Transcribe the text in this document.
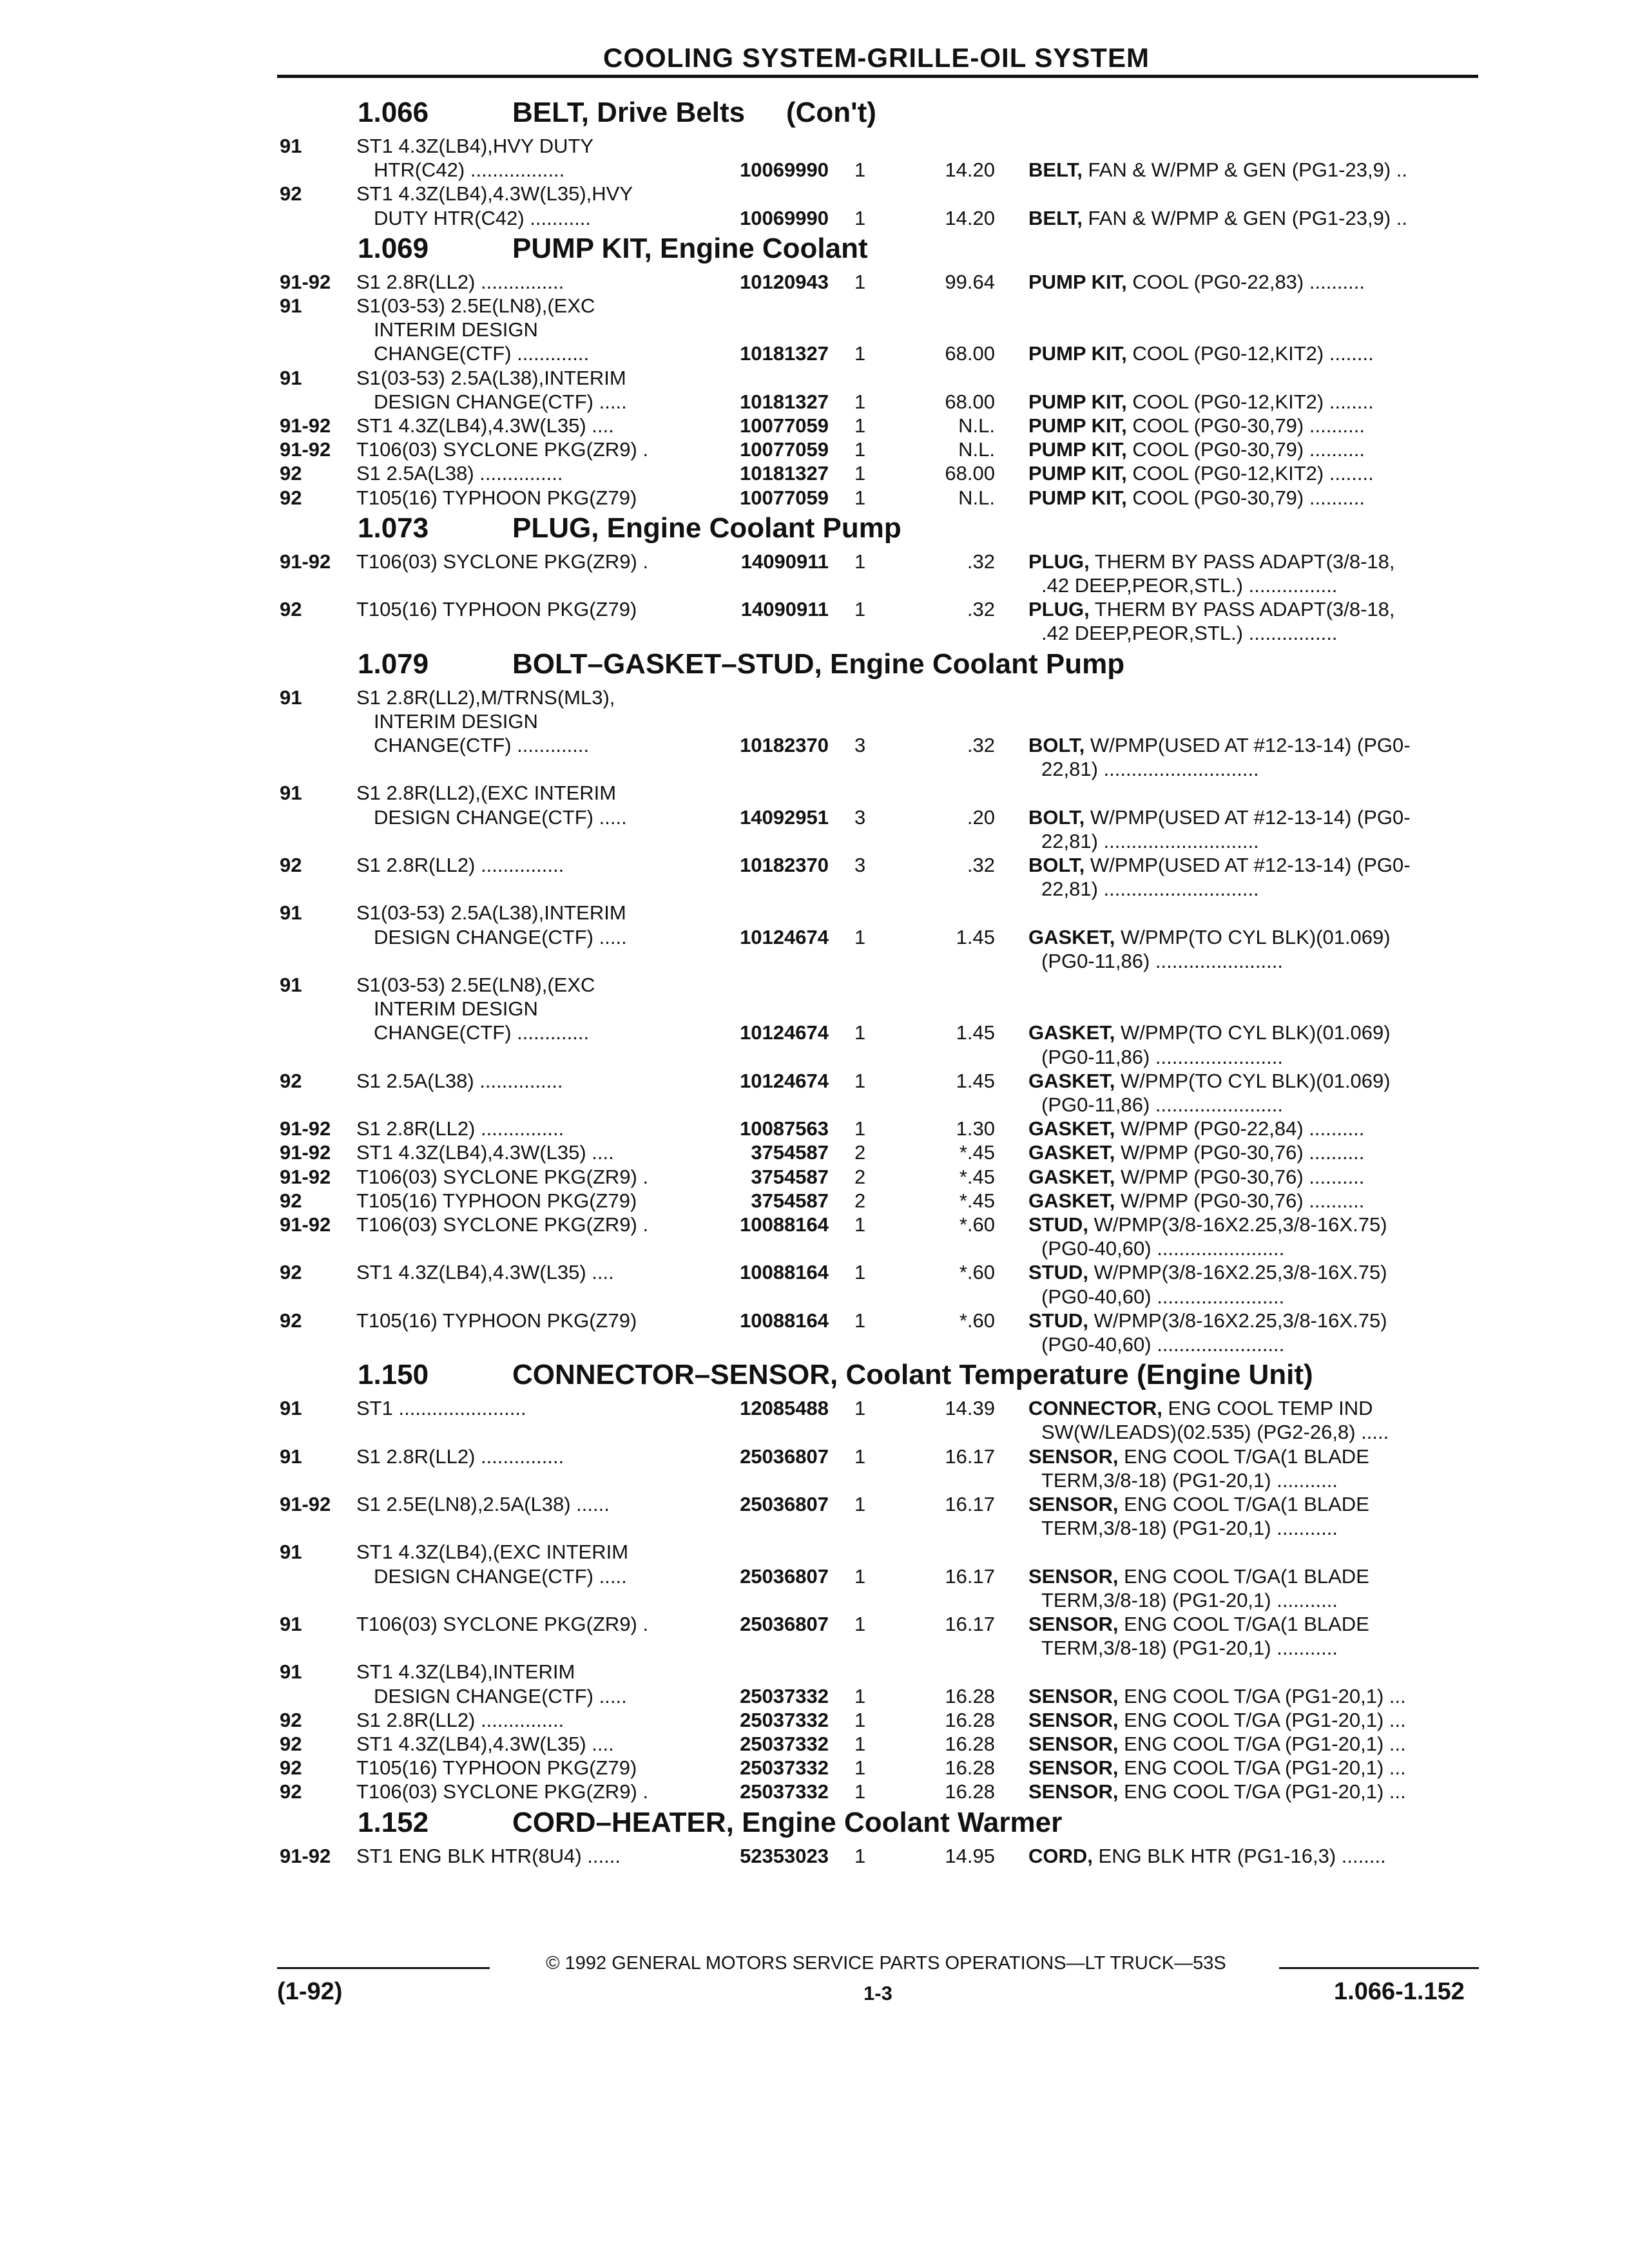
COOLING SYSTEM-GRILLE-OIL SYSTEM
1.066	BELT, Drive Belts (Con't)
91	ST1 4.3Z(LB4),HVY DUTY
HTR(C42) .................	10069990 1	14.20 BELT, FAN & W/PMP & GEN (PG1-23,9) ..
92	ST1 4.3Z(LB4),4.3W(L35),HVY
DUTY HTR(C42) ...........	10069990 1	14.20 BELT, FAN & W/PMP & GEN (PG1-23,9) ..
1.069	PUMP KIT, Engine Coolant
91-92 S1 2.8R(LL2) ...............	10120943 1	99.64 PUMP KIT, COOL (PG0-22,83) ..........
91	S1(03-53) 2.5E(LN8),(EXC
INTERIM DESIGN
CHANGE(CTF) .............	10181327 1	68.00 PUMP KIT, COOL (PG0-12,KIT2) ........
91	S1(03-53) 2.5A(L38),INTERIM
DESIGN CHANGE(CTF) .....	10181327 1	68.00 PUMP KIT, COOL (PG0-12,KIT2) ........
91-92 ST1 4.3Z(LB4),4.3W(L35) ....	10077059 1	N.L. PUMP KIT, COOL (PG0-30,79) ..........
91-92 T106(03) SYCLONE PKG(ZR9) .	10077059 1	N.L. PUMP KIT, COOL (PG0-30,79) ..........
92	S1 2.5A(L38) ...............	10181327 1	68.00 PUMP KIT, COOL (PG0-12,KIT2) ........
92	T105(16) TYPHOON PKG(Z79)	10077059 1	N.L. PUMP KIT, COOL (PG0-30,79) ..........
1.073	PLUG, Engine Coolant Pump
91-92 T106(03) SYCLONE PKG(ZR9) .	14090911 1	.32 PLUG, THERM BY PASS ADAPT(3/8-18,
.42 DEEP,PEOR,STL.) ................
92	T105(16) TYPHOON PKG(Z79)	14090911 1	.32 PLUG, THERM BY PASS ADAPT(3/8-18,
.42 DEEP,PEOR,STL.) ................
1.079	BOLT–GASKET–STUD, Engine Coolant Pump
91	S1 2.8R(LL2),M/TRNS(ML3),
INTERIM DESIGN
CHANGE(CTF) .............	10182370 3	.32 BOLT, W/PMP(USED AT #12-13-14) (PG0-
22,81) ............................
91	S1 2.8R(LL2),(EXC INTERIM
DESIGN CHANGE(CTF) .....	14092951 3	.20 BOLT, W/PMP(USED AT #12-13-14) (PG0-
22,81) ............................
92	S1 2.8R(LL2) ...............	10182370 3	.32 BOLT, W/PMP(USED AT #12-13-14) (PG0-
22,81) ............................
91	S1(03-53) 2.5A(L38),INTERIM
DESIGN CHANGE(CTF) .....	10124674 1	1.45 GASKET, W/PMP(TO CYL BLK)(01.069)
(PG0-11,86) .......................
91	S1(03-53) 2.5E(LN8),(EXC
INTERIM DESIGN
CHANGE(CTF) .............	10124674 1	1.45 GASKET, W/PMP(TO CYL BLK)(01.069)
(PG0-11,86) .......................
92	S1 2.5A(L38) ...............	10124674 1	1.45 GASKET, W/PMP(TO CYL BLK)(01.069)
(PG0-11,86) .......................
91-92 S1 2.8R(LL2) ...............	10087563 1	1.30 GASKET, W/PMP (PG0-22,84) ..........
91-92 ST1 4.3Z(LB4),4.3W(L35) ....	3754587 2	*.45 GASKET, W/PMP (PG0-30,76) ..........
91-92 T106(03) SYCLONE PKG(ZR9) .	3754587 2	*.45 GASKET, W/PMP (PG0-30,76) ..........
92	T105(16) TYPHOON PKG(Z79)	3754587 2	*.45 GASKET, W/PMP (PG0-30,76) ..........
91-92 T106(03) SYCLONE PKG(ZR9) .	10088164 1	*.60 STUD, W/PMP(3/8-16X2.25,3/8-16X.75)
(PG0-40,60) .......................
92	ST1 4.3Z(LB4),4.3W(L35) ....	10088164 1	*.60 STUD, W/PMP(3/8-16X2.25,3/8-16X.75)
(PG0-40,60) .......................
92	T105(16) TYPHOON PKG(Z79)	10088164 1	*.60 STUD, W/PMP(3/8-16X2.25,3/8-16X.75)
(PG0-40,60) .......................
1.150	CONNECTOR–SENSOR, Coolant Temperature (Engine Unit)
91	ST1 .......................	12085488 1	14.39 CONNECTOR, ENG COOL TEMP IND
SW(W/LEADS)(02.535) (PG2-26,8) .....
91	S1 2.8R(LL2) ...............	25036807 1	16.17 SENSOR, ENG COOL T/GA(1 BLADE
TERM,3/8-18) (PG1-20,1) ...........
91-92 S1 2.5E(LN8),2.5A(L38) ......	25036807 1	16.17 SENSOR, ENG COOL T/GA(1 BLADE
TERM,3/8-18) (PG1-20,1) ...........
91	ST1 4.3Z(LB4),(EXC INTERIM
DESIGN CHANGE(CTF) .....	25036807 1	16.17 SENSOR, ENG COOL T/GA(1 BLADE
TERM,3/8-18) (PG1-20,1) ...........
91	T106(03) SYCLONE PKG(ZR9) .	25036807 1	16.17 SENSOR, ENG COOL T/GA(1 BLADE
TERM,3/8-18) (PG1-20,1) ...........
91	ST1 4.3Z(LB4),INTERIM
DESIGN CHANGE(CTF) .....	25037332 1	16.28 SENSOR, ENG COOL T/GA (PG1-20,1) ...
92	S1 2.8R(LL2) ...............	25037332 1	16.28 SENSOR, ENG COOL T/GA (PG1-20,1) ...
92	ST1 4.3Z(LB4),4.3W(L35) ....	25037332 1	16.28 SENSOR, ENG COOL T/GA (PG1-20,1) ...
92	T105(16) TYPHOON PKG(Z79)	25037332 1	16.28 SENSOR, ENG COOL T/GA (PG1-20,1) ...
92	T106(03) SYCLONE PKG(ZR9) .	25037332 1	16.28 SENSOR, ENG COOL T/GA (PG1-20,1) ...
1.152	CORD–HEATER, Engine Coolant Warmer
91-92 ST1 ENG BLK HTR(8U4) ......	52353023 1	14.95 CORD, ENG BLK HTR (PG1-16,3) ........
© 1992 GENERAL MOTORS SERVICE PARTS OPERATIONS—LT TRUCK—53S
(1-92)	1-3	1.066-1.152
